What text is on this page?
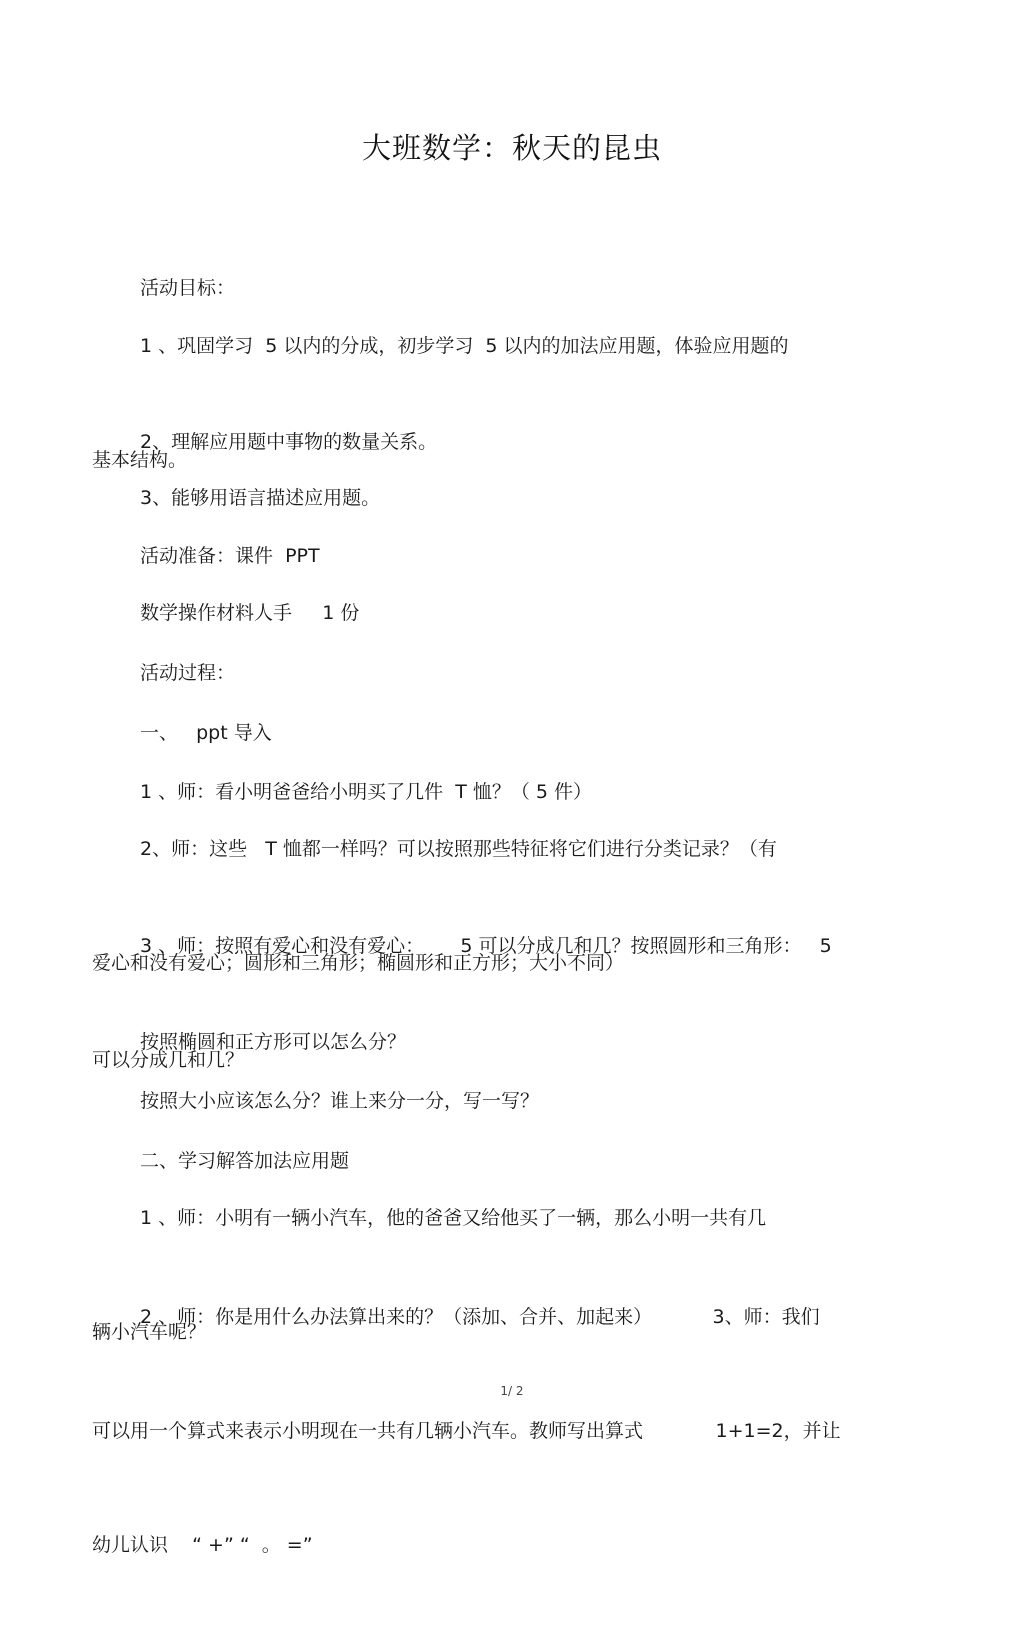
大班数学：秋天的昆虫

活动目标：

1 、巩固学习  5 以内的分成，初步学习  5 以内的加法应用题，体验应用题的

基本结构。

2、理解应用题中事物的数量关系。

3、能够用语言描述应用题。

活动准备：课件  PPT

数学操作材料人手     1 份

活动过程：

一、   ppt 导入

1 、师：看小明爸爸给小明买了几件  T 恤？（ 5 件）

2、师：这些   T 恤都一样吗？可以按照那些特征将它们进行分类记录？（有

爱心和没有爱心；圆形和三角形；椭圆形和正方形；大小不同）

3 、师：按照有爱心和没有爱心：      5 可以分成几和几？按照圆形和三角形：   5

可以分成几和几？

按照椭圆和正方形可以怎么分？

按照大小应该怎么分？谁上来分一分，写一写？

二、学习解答加法应用题

1 、师：小明有一辆小汽车，他的爸爸又给他买了一辆，那么小明一共有几

辆小汽车呢？

2 、师：你是用什么办法算出来的？（添加、合并、加起来）          3、师：我们

可以用一个算式来表示小明现在一共有几辆小汽车。教师写出算式            1+1=2，并让

幼儿认识    “ +” “  。 =”

1/ 2
